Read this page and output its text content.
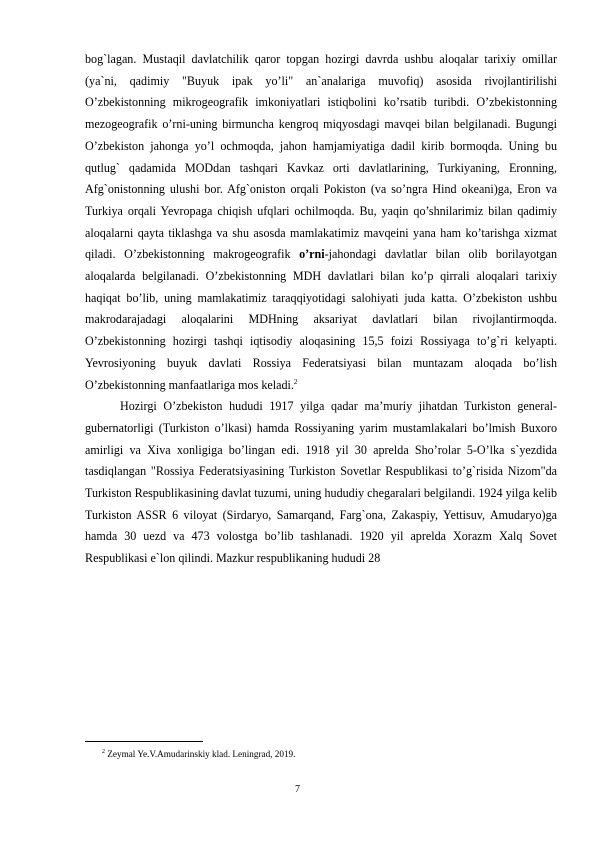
bog`lagan. Mustaqil davlatchilik qaror topgan hozirgi davrda ushbu aloqalar tarixiy omillar (ya`ni, qadimiy "Buyuk ipak yo’li" an`analariga muvofiq) asosida rivojlantirilishi O’zbekistonning mikrogeografik imkoniyatlari istiqbolini ko’rsatib turibdi. O’zbekistonning mezogeografik o’rni-uning birmuncha kengroq miqyosdagi mavqei bilan belgilanadi. Bugungi O’zbekiston jahonga yo’l ochmoqda, jahon hamjamiyatiga dadil kirib bormoqda. Uning bu qutlug` qadamida MODdan tashqari Kavkaz orti davlatlarining, Turkiyaning, Eronning, Afg`onistonning ulushi bor. Afg`oniston orqali Pokiston (va so’ngra Hind okeani)ga, Eron va Turkiya orqali Yevropaga chiqish ufqlari ochilmoqda. Bu, yaqin qo’shnilarimiz bilan qadimiy aloqalarni qayta tiklashga va shu asosda mamlakatimiz mavqeini yana ham ko’tarishga xizmat qiladi. O’zbekistonning makrogeografik o’rni-jahondagi davlatlar bilan olib borilayotgan aloqalarda belgilanadi. O’zbekistonning MDH davlatlari bilan ko’p qirrali aloqalari tarixiy haqiqat bo’lib, uning mamlakatimiz taraqqiyotidagi salohiyati juda katta. O’zbekiston ushbu makrodarajadagi aloqalarini MDHning aksariyat davlatlari bilan rivojlantirmoqda. O’zbekistonning hozirgi tashqi iqtisodiy aloqasining 15,5 foizi Rossiyaga to’g`ri kelyapti. Yevrosiyoning buyuk davlati Rossiya Federatsiyasi bilan muntazam aloqada bo’lish O’zbekistonning manfaatlariga mos keladi.$^2$

Hozirgi O’zbekiston hududi 1917 yilga qadar ma’muriy jihatdan Turkiston general-gubernatorligi (Turkiston o’lkasi) hamda Rossiyaning yarim mustamlakalari bo’lmish Buxoro amirligi va Xiva xonligiga bo’lingan edi. 1918 yil 30 aprelda Sho’rolar 5-O’lka s`yezdida tasdiqlangan "Rossiya Federatsiyasining Turkiston Sovetlar Respublikasi to’g`risida Nizom"da Turkiston Respublikasining davlat tuzumi, uning hududiy chegaralari belgilandi. 1924 yilga kelib Turkiston ASSR 6 viloyat (Sirdaryo, Samarqand, Farg`ona, Zakaspiy, Yettisuv, Amudaryo)ga hamda 30 uezd va 473 volostga bo’lib tashlanadi. 1920 yil aprelda Xorazm Xalq Sovet Respublikasi e`lon qilindi. Mazkur respublikaning hududi 28

$^2$ Zeymal Ye.V.Amudarinskiy klad. Leningrad, 2019.
7
